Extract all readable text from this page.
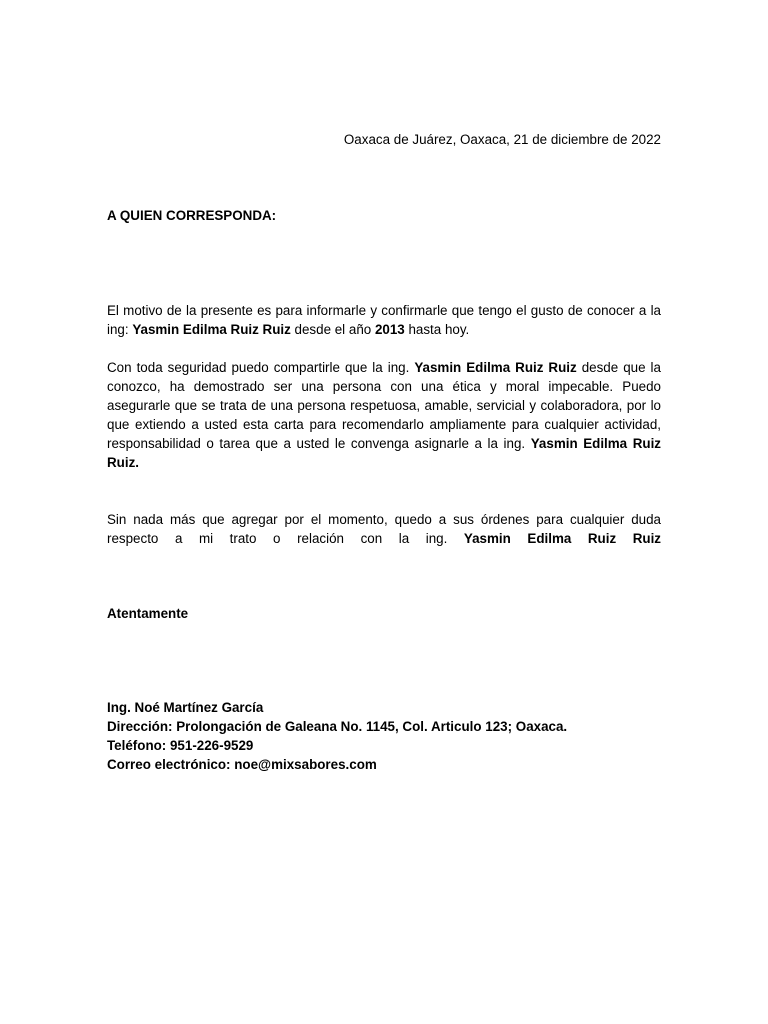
Oaxaca de Juárez, Oaxaca, 21 de diciembre de 2022
A QUIEN CORRESPONDA:
El motivo de la presente es para informarle y confirmarle que tengo el gusto de conocer a la ing: Yasmin Edilma Ruiz Ruiz desde el año 2013 hasta hoy.
Con toda seguridad puedo compartirle que la ing. Yasmin Edilma Ruiz Ruiz desde que la conozco, ha demostrado ser una persona con una ética y moral impecable. Puedo asegurarle que se trata de una persona respetuosa, amable, servicial y colaboradora, por lo que extiendo a usted esta carta para recomendarlo ampliamente para cualquier actividad, responsabilidad o tarea que a usted le convenga asignarle a la ing. Yasmin Edilma Ruiz Ruiz.
Sin nada más que agregar por el momento, quedo a sus órdenes para cualquier duda respecto a mi trato o relación con la ing. Yasmin Edilma Ruiz Ruiz
Atentamente
Ing. Noé Martínez García
Dirección: Prolongación de Galeana No. 1145, Col. Articulo 123; Oaxaca.
Teléfono: 951-226-9529
Correo electrónico: noe@mixsabores.com
